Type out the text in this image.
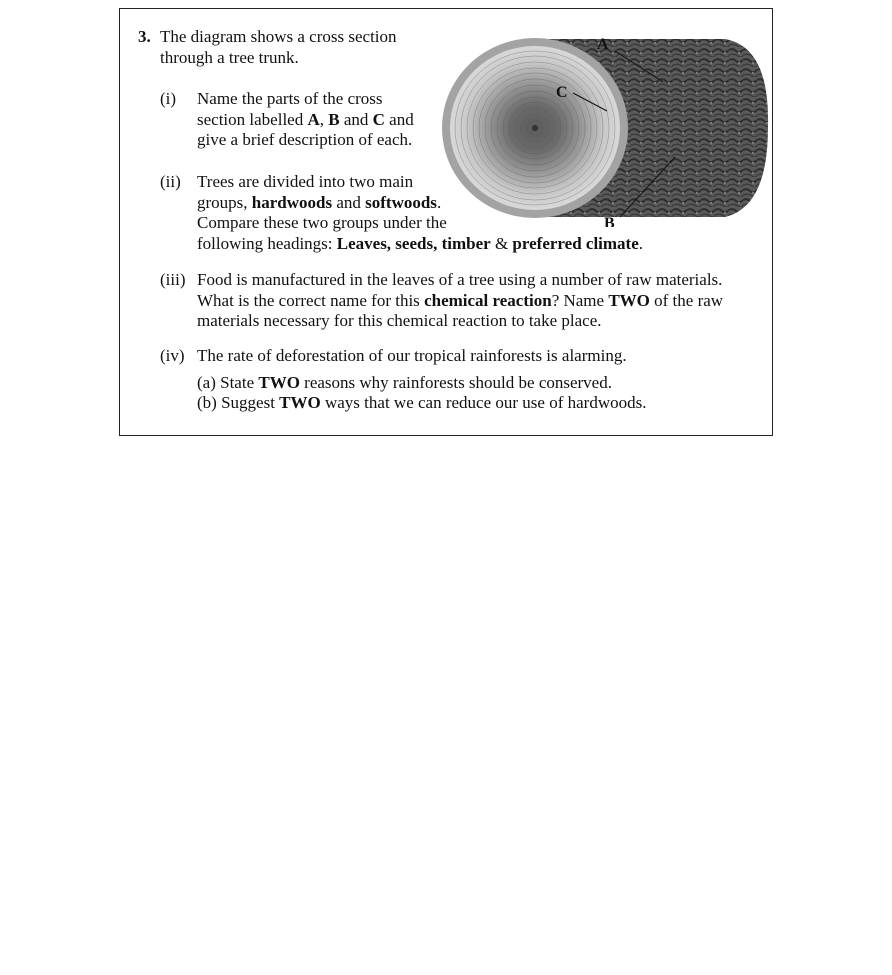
3. The diagram shows a cross section
through a tree trunk.
(i) Name the parts of the cross
section labelled A, B and C and
give a brief description of each.
(ii) Trees are divided into two main
groups, hardwoods and softwoods.
Compare these two groups under the
following headings: Leaves, seeds, timber & preferred climate.
(iii) Food is manufactured in the leaves of a tree using a number of raw materials.
What is the correct name for this chemical reaction? Name TWO of the raw
materials necessary for this chemical reaction to take place.
(iv) The rate of deforestation of our tropical rainforests is alarming.
(a) State TWO reasons why rainforests should be conserved.
(b) Suggest TWO ways that we can reduce our use of hardwoods.
A
C
B
